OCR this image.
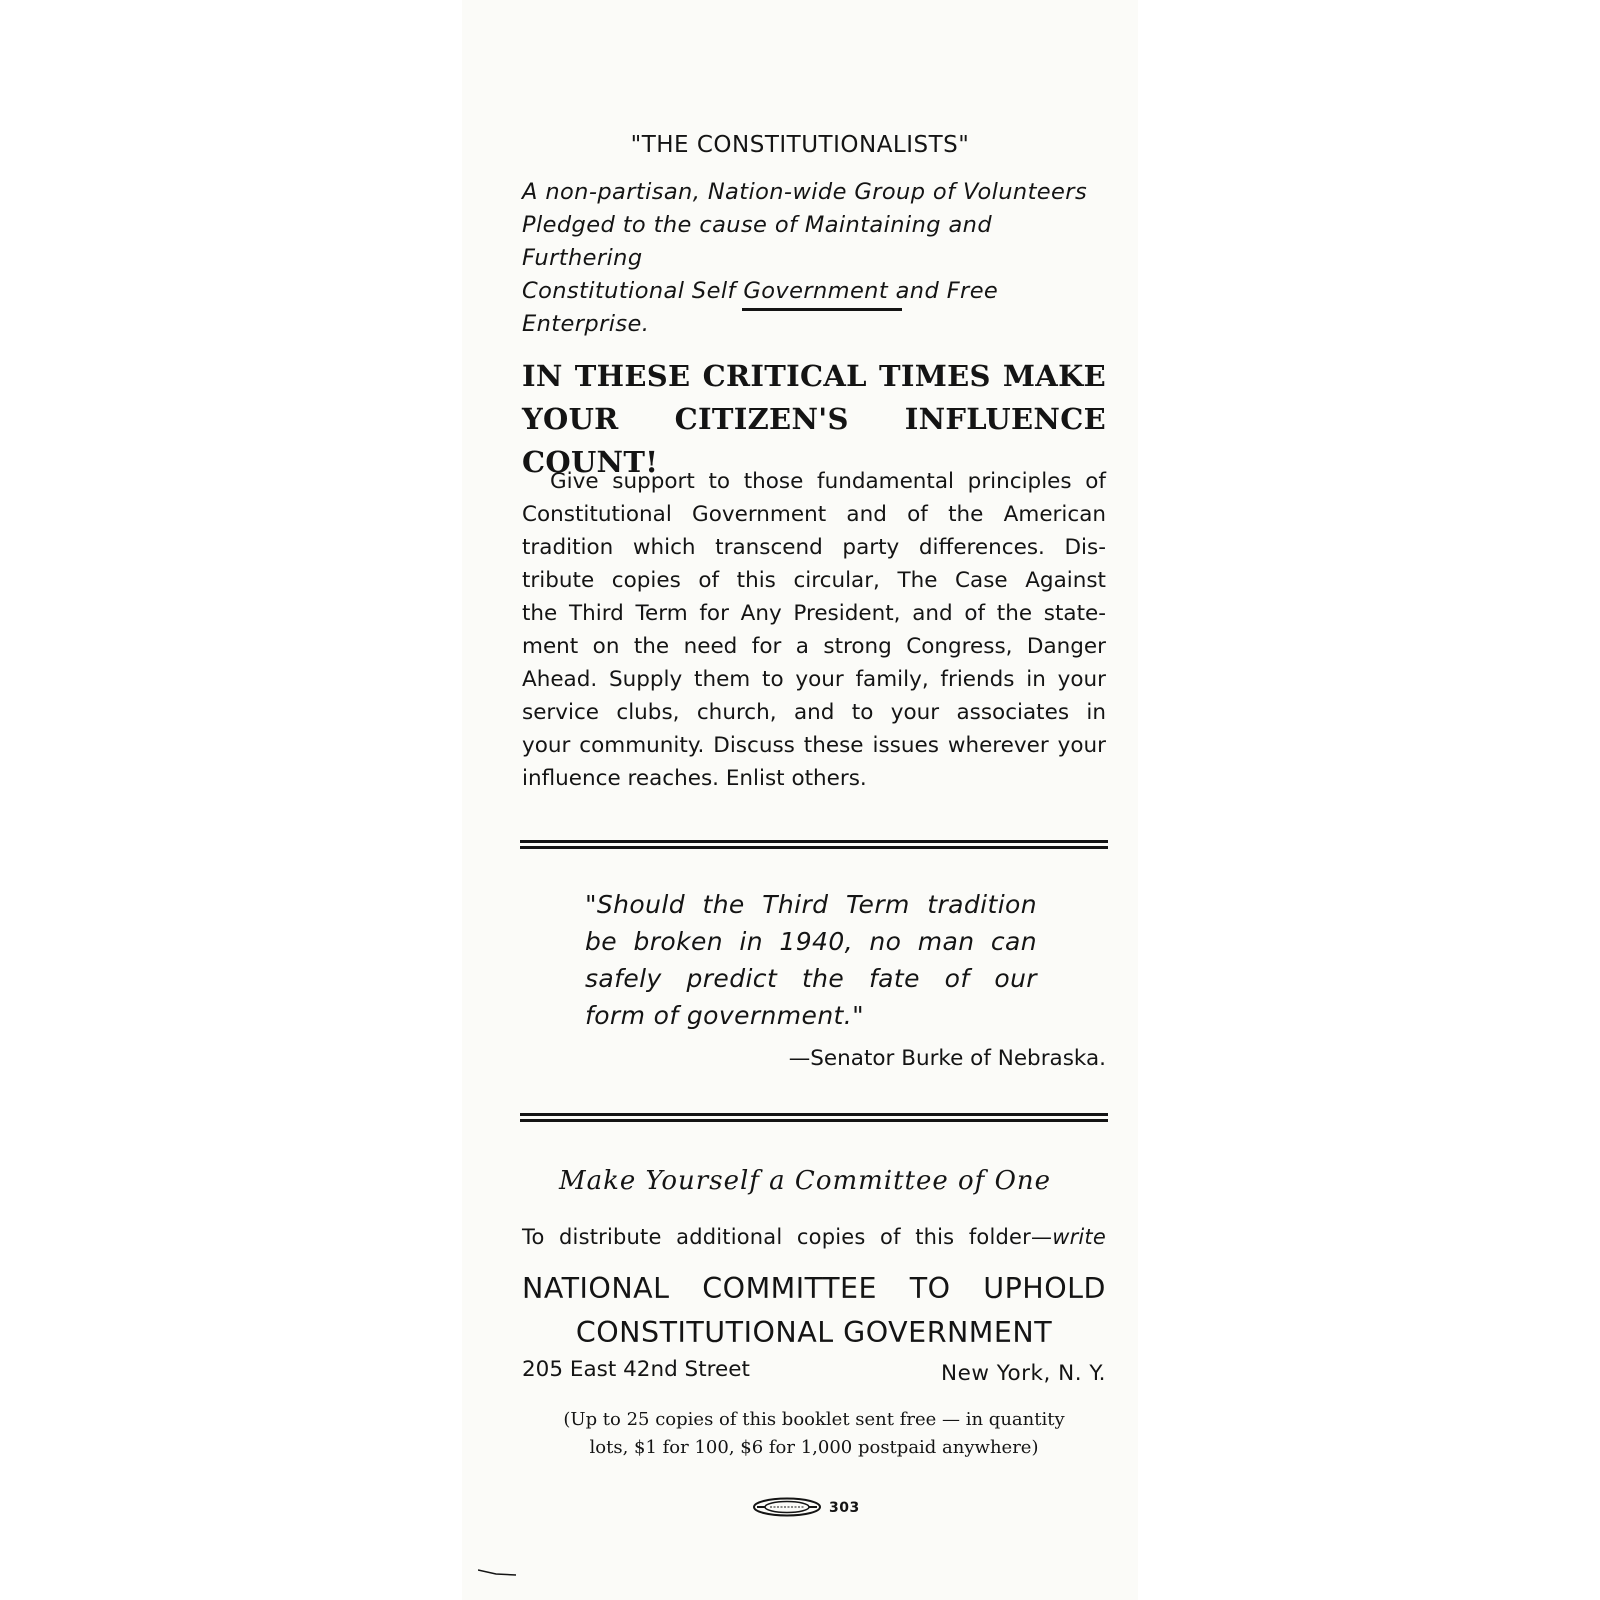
"THE CONSTITUTIONALISTS"
A non-partisan, Nation-wide Group of Volunteers
Pledged to the cause of Maintaining and Furthering
Constitutional Self Government and Free Enterprise.
IN THESE CRITICAL TIMES MAKE
YOUR CITIZEN'S INFLUENCE COUNT!
Give support to those fundamental principles of
Constitutional Government and of the American
tradition which transcend party differences. Dis-
tribute copies of this circular, The Case Against
the Third Term for Any President, and of the state-
ment on the need for a strong Congress, Danger
Ahead. Supply them to your family, friends in your
service clubs, church, and to your associates in
your community. Discuss these issues wherever your
influence reaches. Enlist others.
"Should the Third Term tradition
be broken in 1940, no man can
safely predict the fate of our
form of government."
—Senator Burke of Nebraska.
Make Yourself a Committee of One
To distribute additional copies of this folder—write
NATIONAL COMMITTEE TO UPHOLD
CONSTITUTIONAL GOVERNMENT
205 East 42nd Street	New York, N. Y.
(Up to 25 copies of this booklet sent free — in quantity
lots, $1 for 100, $6 for 1,000 postpaid anywhere)
303
